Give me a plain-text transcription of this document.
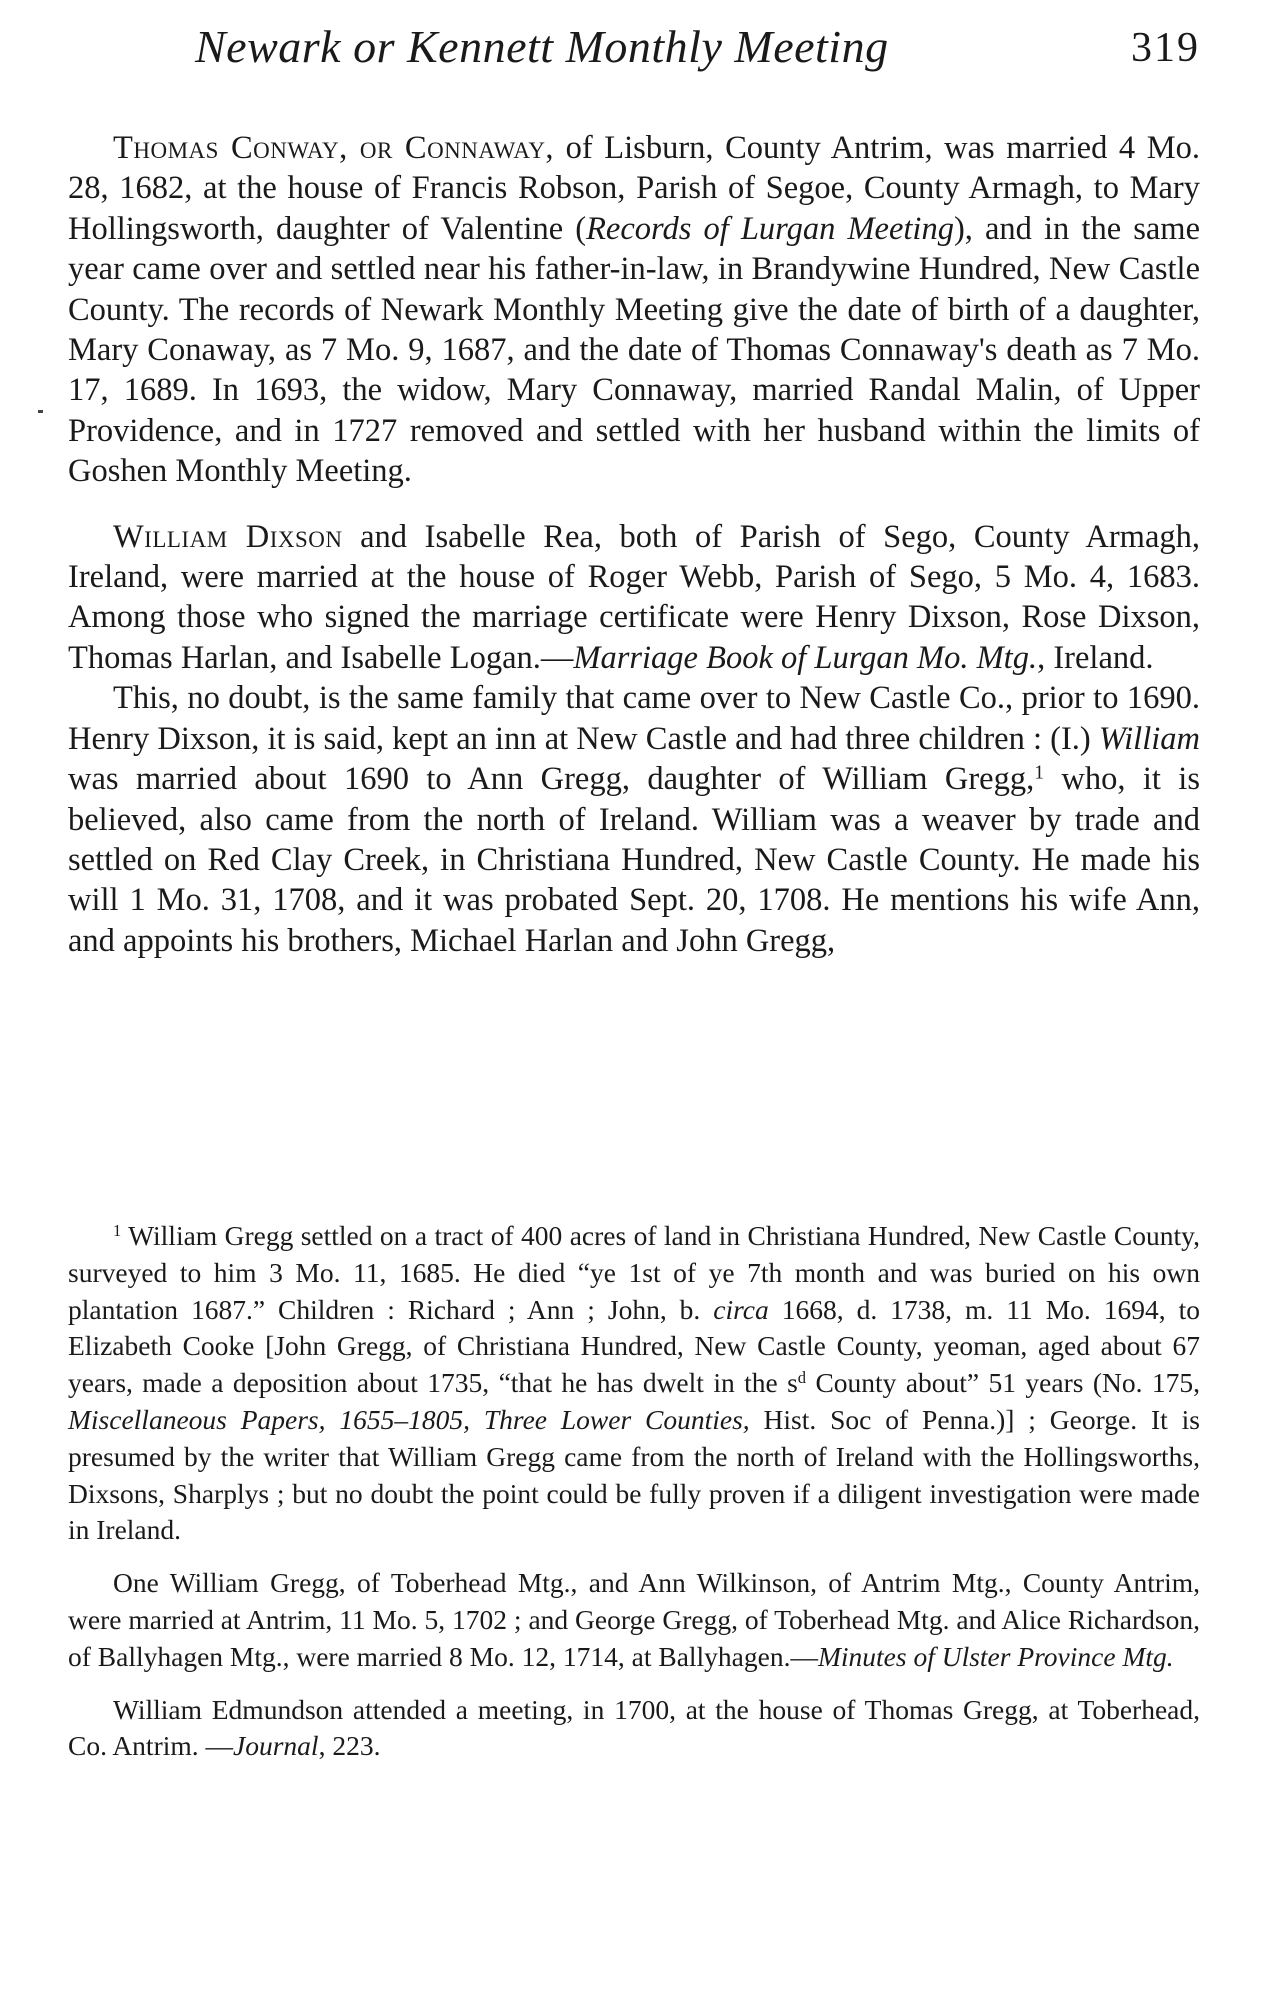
Newark or Kennett Monthly Meeting	319

Thomas Conway, or Connaway, of Lisburn, County Antrim, was married 4 Mo. 28, 1682, at the house of Francis Robson, Parish of Segoe, County Armagh, to Mary Hollingsworth, daughter of Valentine (Records of Lurgan Meeting), and in the same year came over and settled near his father-in-law, in Brandywine Hundred, New Castle County. The records of Newark Monthly Meeting give the date of birth of a daughter, Mary Conaway, as 7 Mo. 9, 1687, and the date of Thomas Connaway's death as 7 Mo. 17, 1689. In 1693, the widow, Mary Connaway, married Randal Malin, of Upper Providence, and in 1727 removed and settled with her husband within the limits of Goshen Monthly Meeting.

William Dixson and Isabelle Rea, both of Parish of Sego, County Armagh, Ireland, were married at the house of Roger Webb, Parish of Sego, 5 Mo. 4, 1683. Among those who signed the marriage certificate were Henry Dixson, Rose Dixson, Thomas Harlan, and Isabelle Logan.—Marriage Book of Lurgan Mo. Mtg., Ireland.

This, no doubt, is the same family that came over to New Castle Co., prior to 1690. Henry Dixson, it is said, kept an inn at New Castle and had three children : (I.) William was married about 1690 to Ann Gregg, daughter of William Gregg,$^1$ who, it is believed, also came from the north of Ireland. William was a weaver by trade and settled on Red Clay Creek, in Christiana Hundred, New Castle County. He made his will 1 Mo. 31, 1708, and it was probated Sept. 20, 1708. He mentions his wife Ann, and appoints his brothers, Michael Harlan and John Gregg,

$^1$ William Gregg settled on a tract of 400 acres of land in Christiana Hundred, New Castle County, surveyed to him 3 Mo. 11, 1685. He died “ye 1st of ye 7th month and was buried on his own plantation 1687.” Children : Richard ; Ann ; John, b. circa 1668, d. 1738, m. 11 Mo. 1694, to Elizabeth Cooke [John Gregg, of Christiana Hundred, New Castle County, yeoman, aged about 67 years, made a deposition about 1735, “that he has dwelt in the $s^d$ County about” 51 years (No. 175, Miscellaneous Papers, 1655–1805, Three Lower Counties, Hist. Soc of Penna.)] ; George. It is presumed by the writer that William Gregg came from the north of Ireland with the Hollingsworths, Dixsons, Sharplys ; but no doubt the point could be fully proven if a diligent investigation were made in Ireland.

One William Gregg, of Toberhead Mtg., and Ann Wilkinson, of Antrim Mtg., County Antrim, were married at Antrim, 11 Mo. 5, 1702 ; and George Gregg, of Toberhead Mtg. and Alice Richardson, of Ballyhagen Mtg., were married 8 Mo. 12, 1714, at Ballyhagen.—Minutes of Ulster Province Mtg.

William Edmundson attended a meeting, in 1700, at the house of Thomas Gregg, at Toberhead, Co. Antrim. —Journal, 223.
